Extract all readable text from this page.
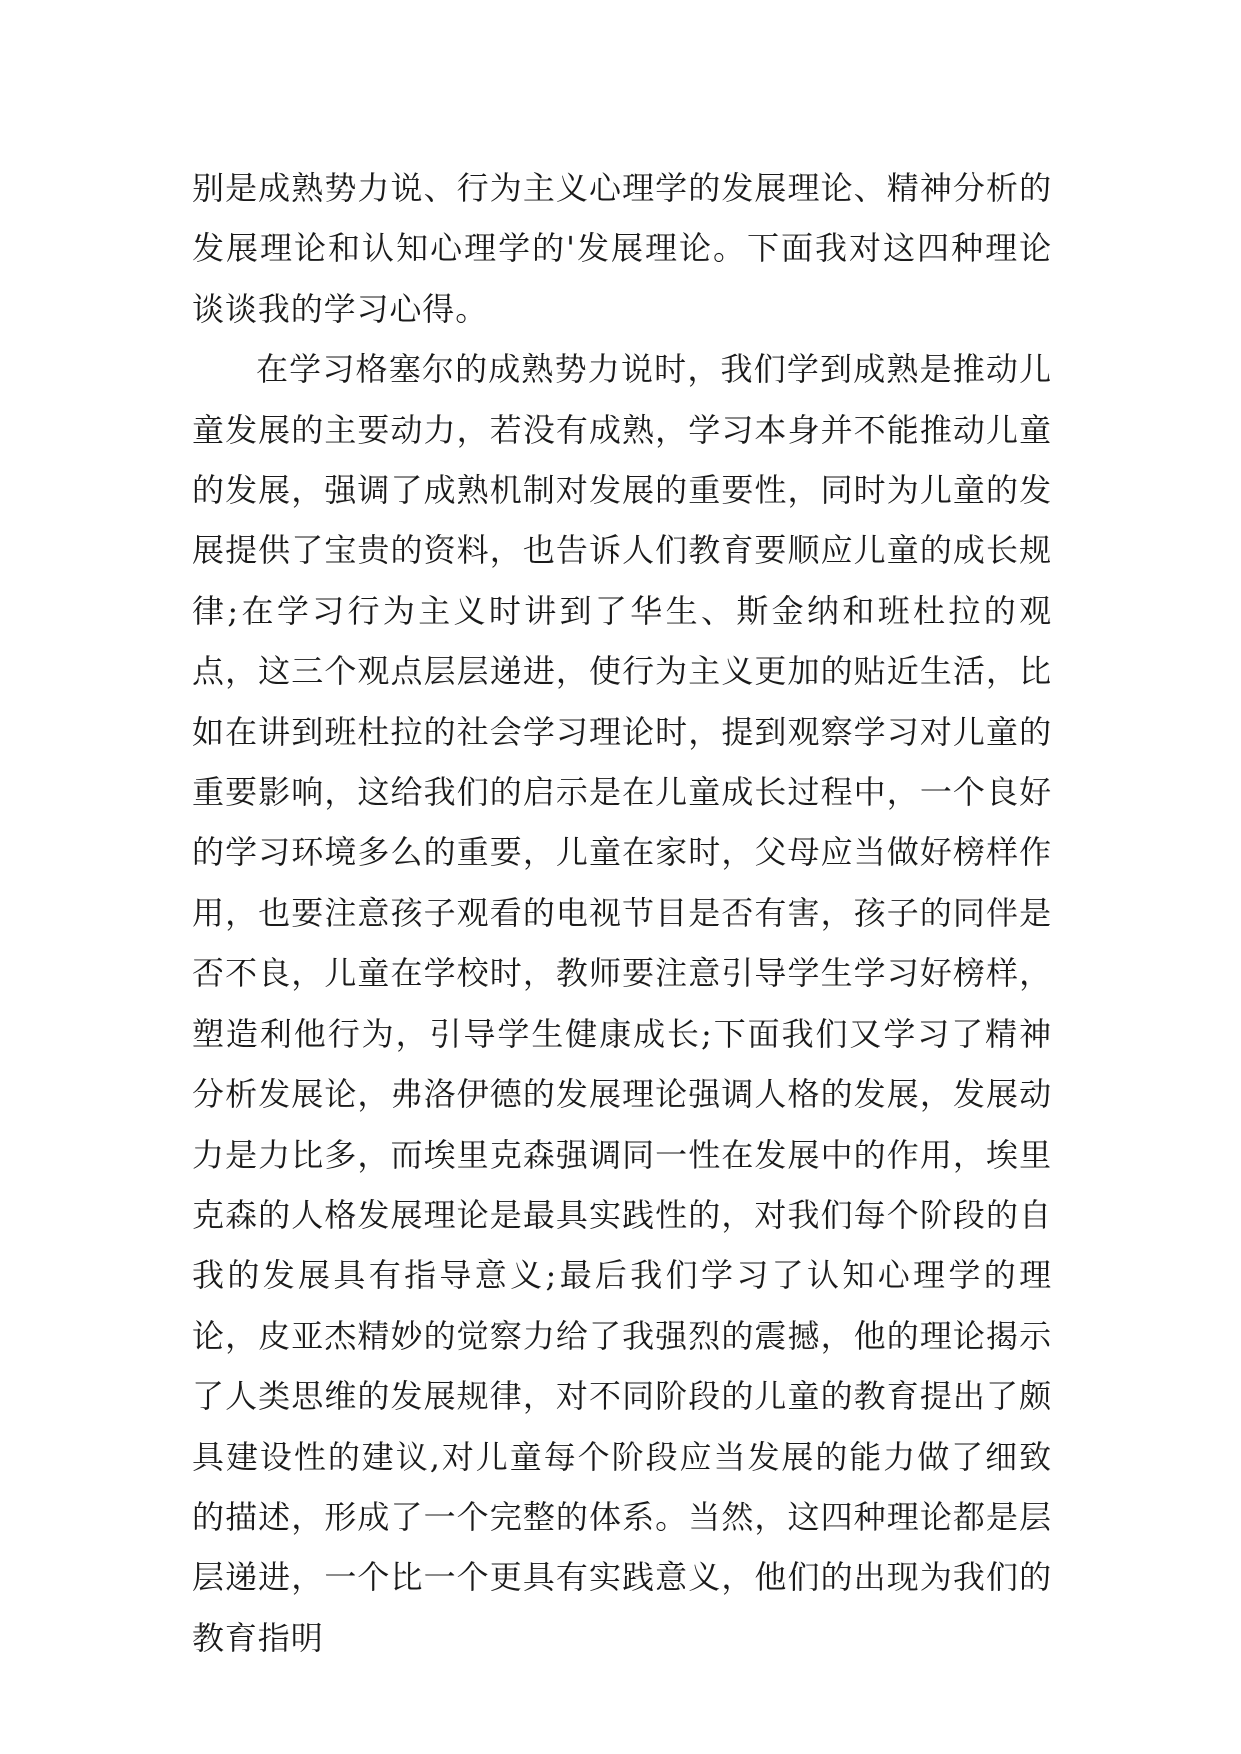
别是成熟势力说、行为主义心理学的发展理论、精神分析的发展理论和认知心理学的'发展理论。下面我对这四种理论谈谈我的学习心得。

在学习格塞尔的成熟势力说时，我们学到成熟是推动儿童发展的主要动力，若没有成熟，学习本身并不能推动儿童的发展，强调了成熟机制对发展的重要性，同时为儿童的发展提供了宝贵的资料，也告诉人们教育要顺应儿童的成长规律;在学习行为主义时讲到了华生、斯金纳和班杜拉的观点，这三个观点层层递进，使行为主义更加的贴近生活，比如在讲到班杜拉的社会学习理论时，提到观察学习对儿童的重要影响，这给我们的启示是在儿童成长过程中，一个良好的学习环境多么的重要，儿童在家时，父母应当做好榜样作用，也要注意孩子观看的电视节目是否有害，孩子的同伴是否不良，儿童在学校时，教师要注意引导学生学习好榜样，塑造利他行为，引导学生健康成长;下面我们又学习了精神分析发展论，弗洛伊德的发展理论强调人格的发展，发展动力是力比多，而埃里克森强调同一性在发展中的作用，埃里克森的人格发展理论是最具实践性的，对我们每个阶段的自我的发展具有指导意义;最后我们学习了认知心理学的理论，皮亚杰精妙的觉察力给了我强烈的震撼，他的理论揭示了人类思维的发展规律，对不同阶段的儿童的教育提出了颇具建设性的建议,对儿童每个阶段应当发展的能力做了细致的描述，形成了一个完整的体系。当然，这四种理论都是层层递进，一个比一个更具有实践意义，他们的出现为我们的教育指明
